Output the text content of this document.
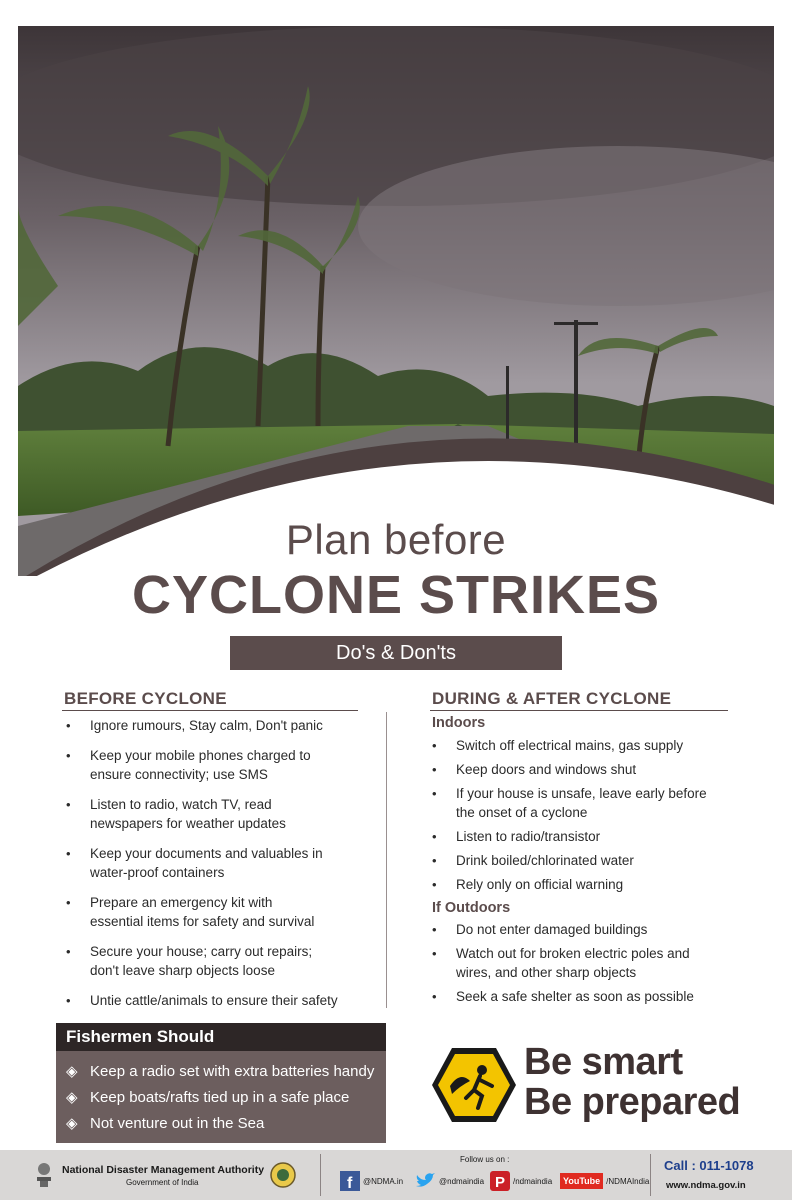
Plan before
CYCLONE STRIKES
Do's & Don'ts
BEFORE CYCLONE
• Ignore rumours, Stay calm, Don't panic
• Keep your mobile phones charged to
ensure connectivity; use SMS
• Listen to radio, watch TV, read
newspapers for weather updates
• Keep your documents and valuables in
water-proof containers
• Prepare an emergency kit with
essential items for safety and survival
• Secure your house; carry out repairs;
don't leave sharp objects loose
• Untie cattle/animals to ensure their safety
DURING & AFTER CYCLONE
Indoors
• Switch off electrical mains, gas supply
• Keep doors and windows shut
• If your house is unsafe, leave early before
the onset of a cyclone
• Listen to radio/transistor
• Drink boiled/chlorinated water
• Rely only on official warning
If Outdoors
• Do not enter damaged buildings
• Watch out for broken electric poles and
wires, and other sharp objects
• Seek a safe shelter as soon as possible
Fishermen Should
◈ Keep a radio set with extra batteries handy
◈ Keep boats/rafts tied up in a safe place
◈ Not venture out in the Sea
Be smart
Be prepared
National Disaster Management Authority
Government of India
Follow us on :
f @NDMA.in	@ndmaindia P /ndmaindia	YouTube /NDMAIndia
Call : 011-1078
www.ndma.gov.in
